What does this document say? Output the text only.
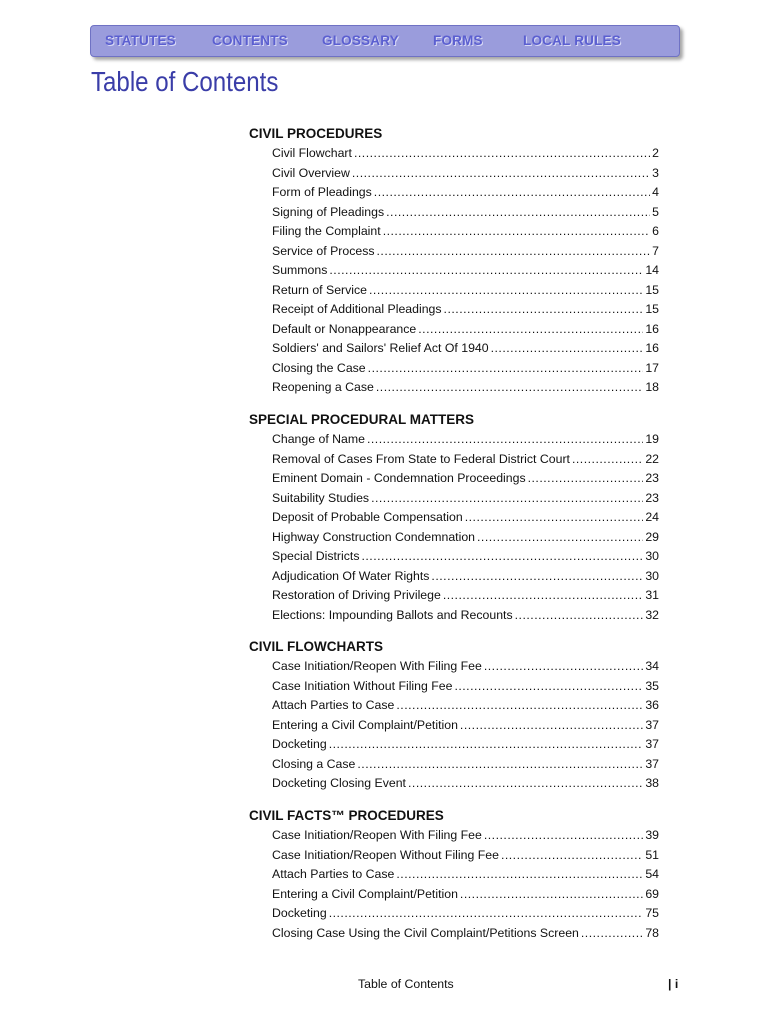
STATUTES	CONTENTS	GLOSSARY	FORMS	LOCAL RULES
Table of Contents
CIVIL PROCEDURES
Civil Flowchart .....	2
Civil Overview .....	3
Form of Pleadings .....	4
Signing of Pleadings .....	5
Filing the Complaint .....	6
Service of Process .....	7
Summons .....	14
Return of Service .....	15
Receipt of Additional Pleadings .....	15
Default or Nonappearance .....	16
Soldiers' and Sailors' Relief Act Of 1940 .....	16
Closing the Case .....	17
Reopening a Case .....	18
SPECIAL PROCEDURAL MATTERS
Change of Name .....	19
Removal of Cases From State to Federal District Court .....	22
Eminent Domain - Condemnation Proceedings .....	23
Suitability Studies .....	23
Deposit of Probable Compensation .....	24
Highway Construction Condemnation .....	29
Special Districts .....	30
Adjudication Of Water Rights .....	30
Restoration of Driving Privilege .....	31
Elections: Impounding Ballots and Recounts .....	32
CIVIL FLOWCHARTS
Case Initiation/Reopen With Filing Fee .....	34
Case Initiation Without Filing Fee .....	35
Attach Parties to Case .....	36
Entering a Civil Complaint/Petition .....	37
Docketing .....	37
Closing a Case .....	37
Docketing Closing Event .....	38
CIVIL FACTS™ PROCEDURES
Case Initiation/Reopen With Filing Fee .....	39
Case Initiation/Reopen Without Filing Fee .....	51
Attach Parties to Case .....	54
Entering a Civil Complaint/Petition .....	69
Docketing .....	75
Closing Case Using the Civil Complaint/Petitions Screen .....	78
Table of Contents	| i
